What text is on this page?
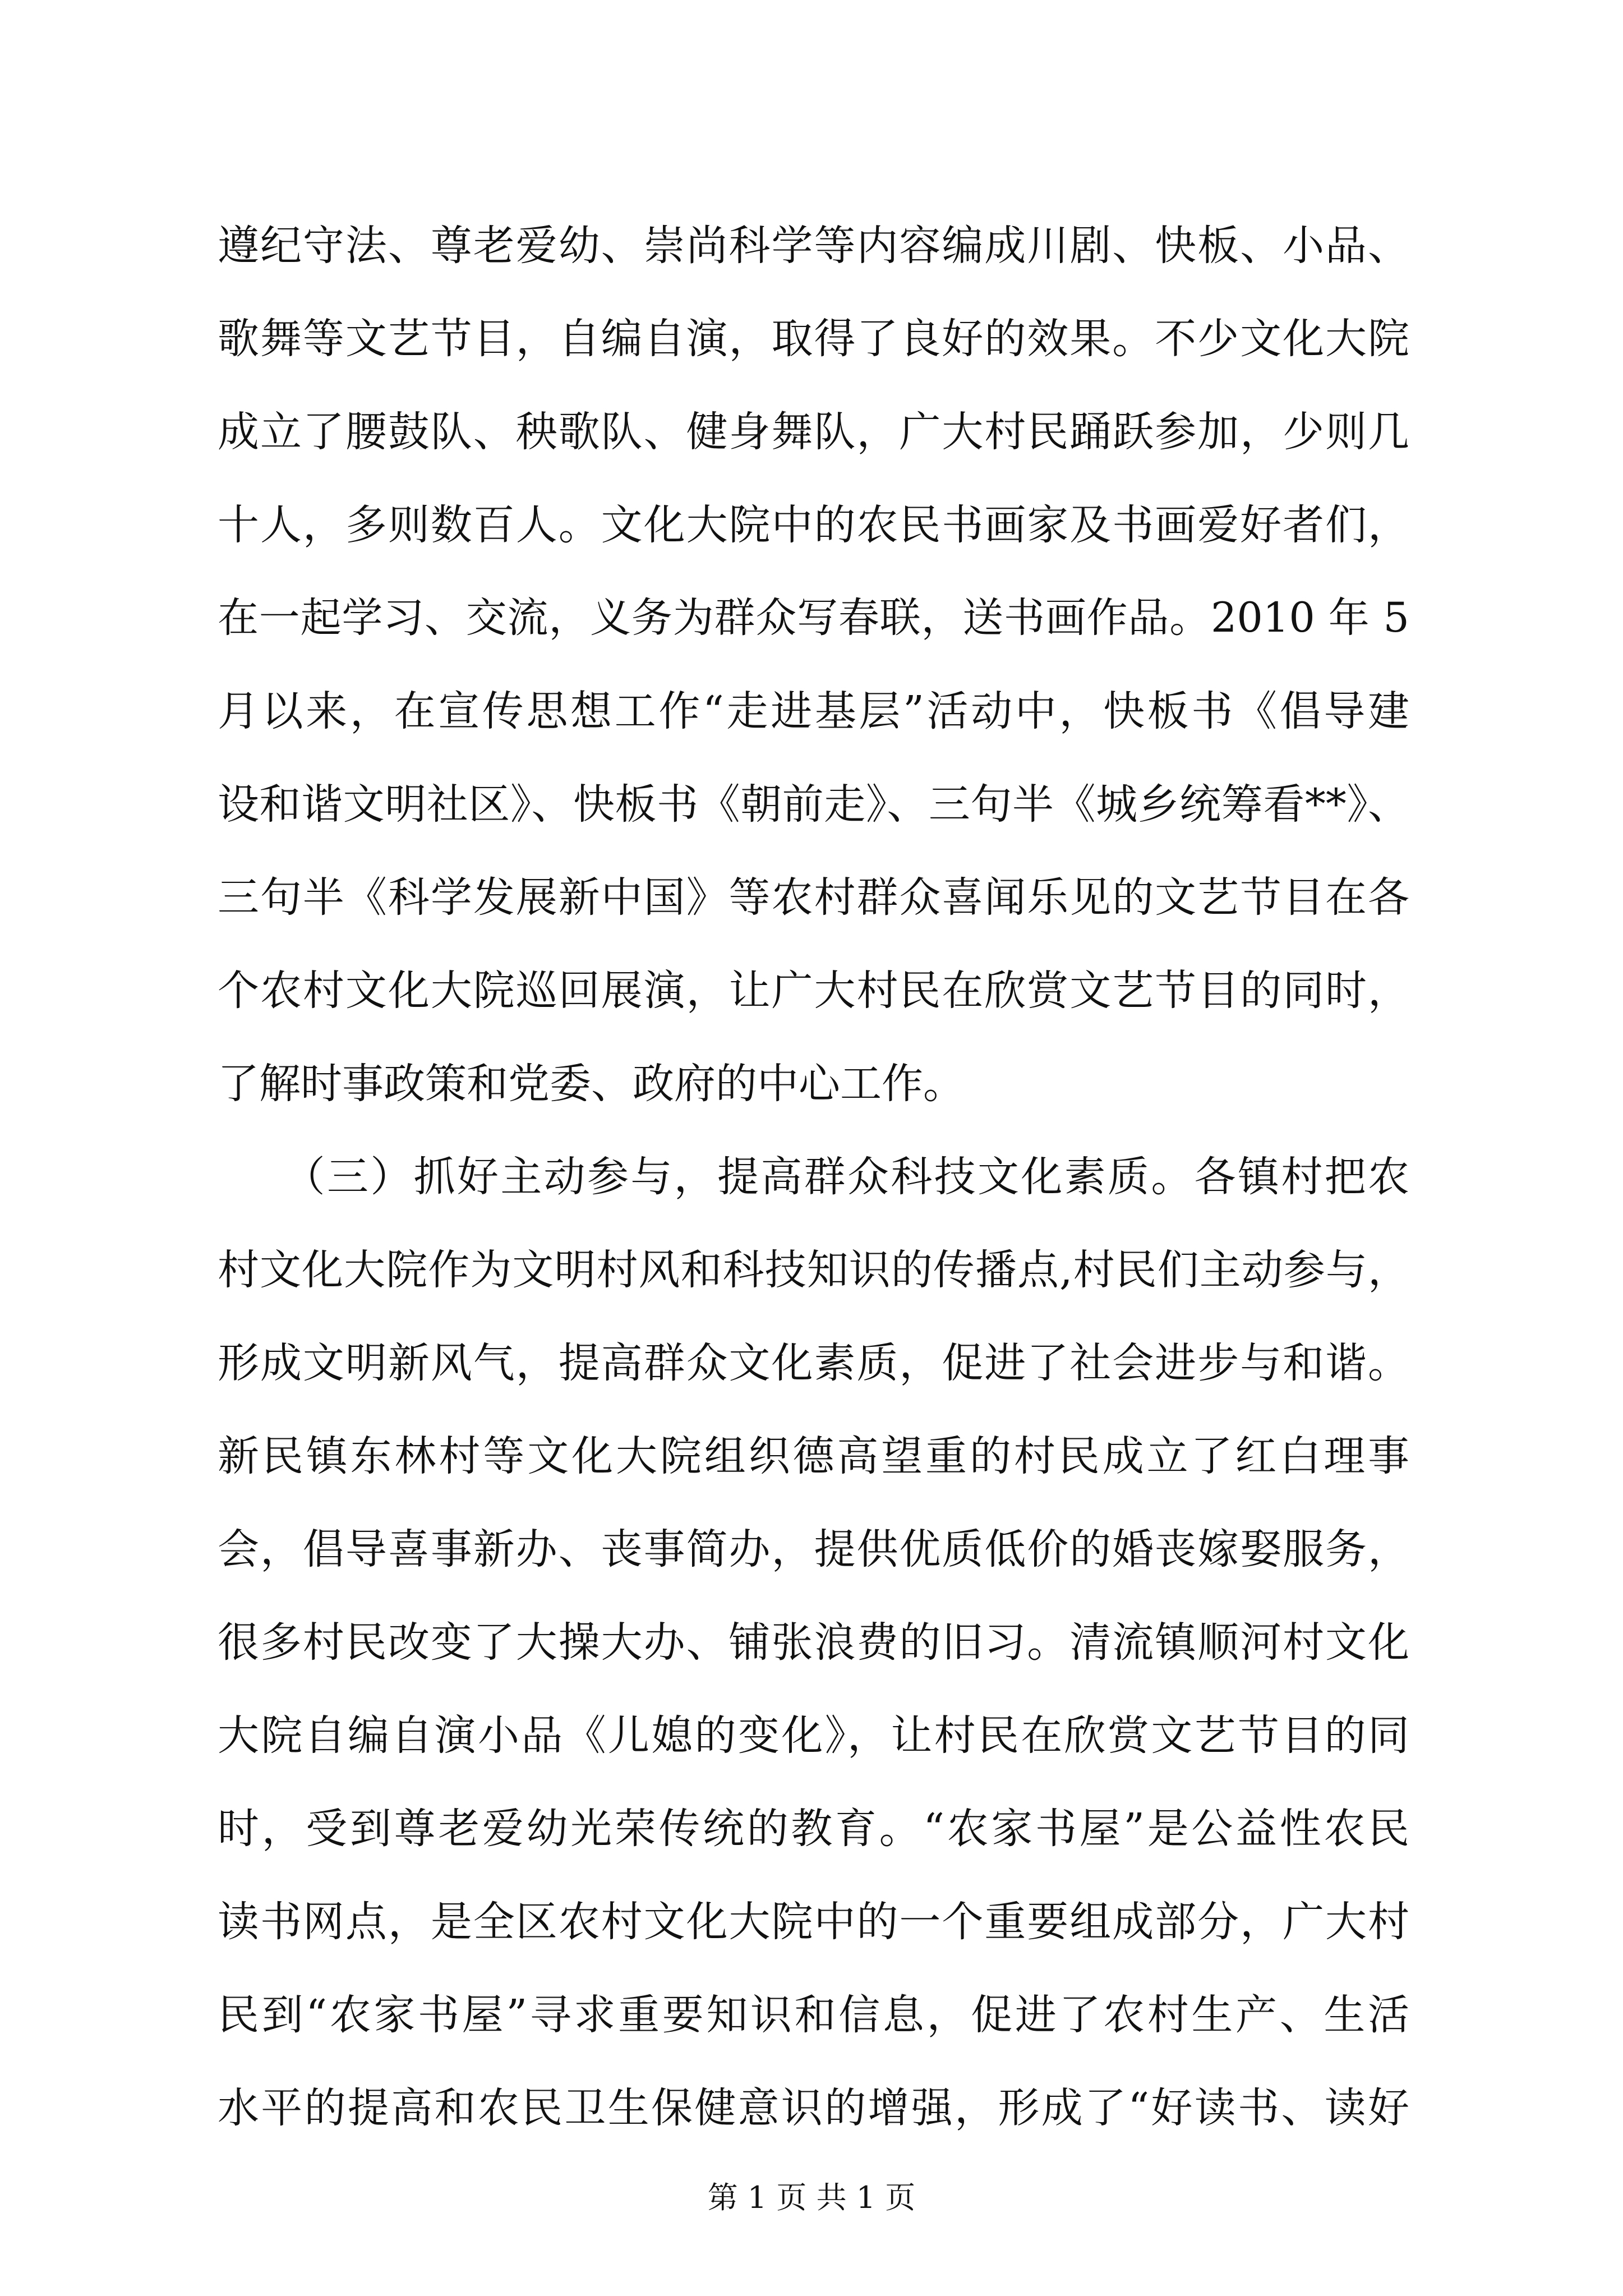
遵纪守法、尊老爱幼、崇尚科学等内容编成川剧、快板、小品、
歌舞等文艺节目，自编自演，取得了良好的效果。不少文化大院
成立了腰鼓队、秧歌队、健身舞队，广大村民踊跃参加，少则几
十人，多则数百人。文化大院中的农民书画家及书画爱好者们，
在一起学习、交流，义务为群众写春联，送书画作品。2010 年 5
月以来，在宣传思想工作“走进基层”活动中，快板书《倡导建
设和谐文明社区》、快板书《朝前走》、三句半《城乡统筹看**》、
三句半《科学发展新中国》等农村群众喜闻乐见的文艺节目在各
个农村文化大院巡回展演，让广大村民在欣赏文艺节目的同时，
了解时事政策和党委、政府的中心工作。
　　（三）抓好主动参与，提高群众科技文化素质。各镇村把农
村文化大院作为文明村风和科技知识的传播点,村民们主动参与，
形成文明新风气，提高群众文化素质，促进了社会进步与和谐。
新民镇东林村等文化大院组织德高望重的村民成立了红白理事
会，倡导喜事新办、丧事简办，提供优质低价的婚丧嫁娶服务，
很多村民改变了大操大办、铺张浪费的旧习。清流镇顺河村文化
大院自编自演小品《儿媳的变化》，让村民在欣赏文艺节目的同
时，受到尊老爱幼光荣传统的教育。“农家书屋”是公益性农民
读书网点，是全区农村文化大院中的一个重要组成部分，广大村
民到“农家书屋”寻求重要知识和信息，促进了农村生产、生活
水平的提高和农民卫生保健意识的增强，形成了“好读书、读好
第 1 页 共 1 页
